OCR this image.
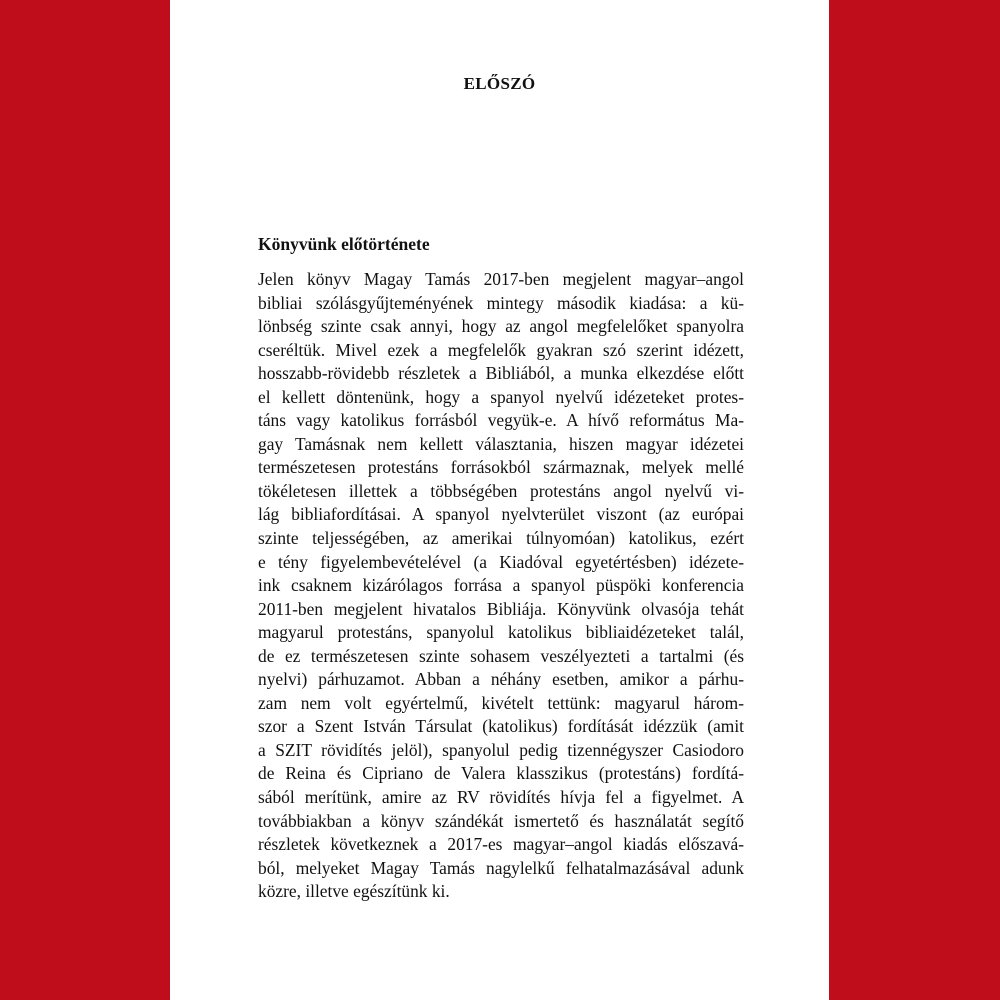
ELŐSZÓ
Könyvünk előtörténete

Jelen könyv Magay Tamás 2017-ben megjelent magyar–angol
bibliai szólásgyűjteményének mintegy második kiadása: a kü-
lönbség szinte csak annyi, hogy az angol megfelelőket spanyolra
cseréltük. Mivel ezek a megfelelők gyakran szó szerint idézett,
hosszabb-rövidebb részletek a Bibliából, a munka elkezdése előtt
el kellett döntenünk, hogy a spanyol nyelvű idézeteket protes-
táns vagy katolikus forrásból vegyük-e. A hívő református Ma-
gay Tamásnak nem kellett választania, hiszen magyar idézetei
természetesen protestáns forrásokból származnak, melyek mellé
tökéletesen illettek a többségében protestáns angol nyelvű vi-
lág bibliafordításai. A spanyol nyelvterület viszont (az európai
szinte teljességében, az amerikai túlnyomóan) katolikus, ezért
e tény figyelembevételével (a Kiadóval egyetértésben) idézete-
ink csaknem kizárólagos forrása a spanyol püspöki konferencia
2011-ben megjelent hivatalos Bibliája. Könyvünk olvasója tehát
magyarul protestáns, spanyolul katolikus bibliaidézeteket talál,
de ez természetesen szinte sohasem veszélyezteti a tartalmi (és
nyelvi) párhuzamot. Abban a néhány esetben, amikor a párhu-
zam nem volt egyértelmű, kivételt tettünk: magyarul három-
szor a Szent István Társulat (katolikus) fordítását idézzük (amit
a SZIT rövidítés jelöl), spanyolul pedig tizennégyszer Casiodoro
de Reina és Cipriano de Valera klasszikus (protestáns) fordítá-
sából merítünk, amire az RV rövidítés hívja fel a figyelmet. A
továbbiakban a könyv szándékát ismertető és használatát segítő
részletek következnek a 2017-es magyar–angol kiadás előszavá-
ból, melyeket Magay Tamás nagylelkű felhatalmazásával adunk
közre, illetve egészítünk ki.
